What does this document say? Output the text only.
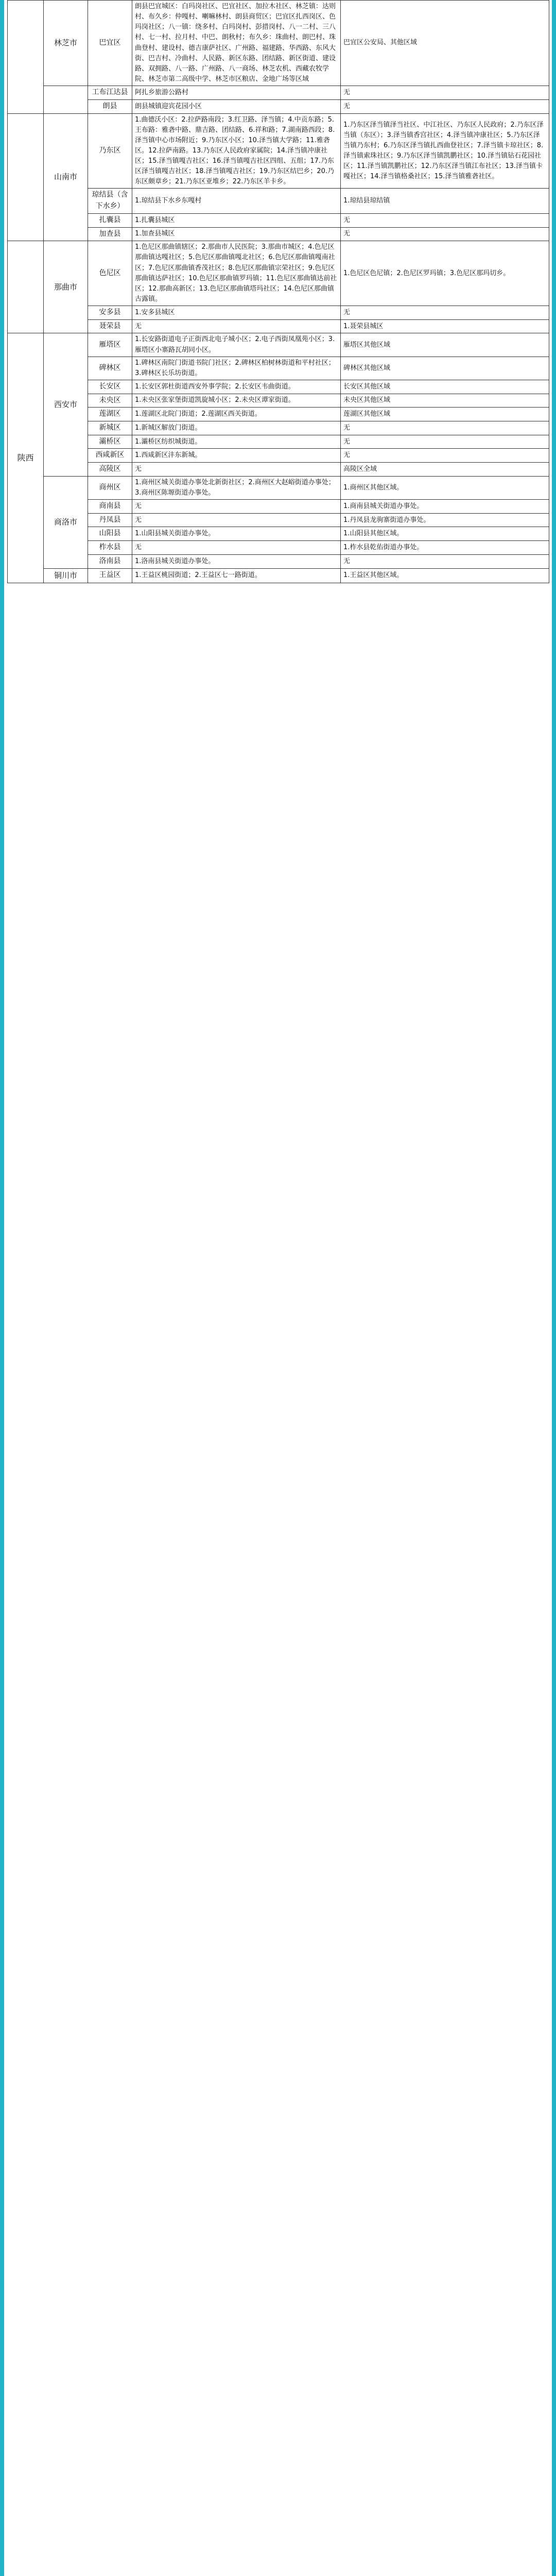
	林芝市	巴宜区	朗县巴宜城区：白玛岗社区、巴宜社区、加拉木社区、林芝镇：达则村、布久乡：仲嘎村、喇嘛林村、朗县商贸区；巴宜区扎西岗区、色玛岗社区；八一镇：绕多村、白玛岗村、彭措岗村、八一二村、三八村、七一村、拉月村、中巴、朗秋村；布久乡：珠曲村、朗巴村、珠曲登村、建设村、德吉康萨社区、广州路、福建路、华西路、东风大街、巴吉村、冷曲村、人民路、新区东路、团结路、新区街道、建设路、双拥路、八一路、广州路、八一商场、林芝农机、西藏农牧学院、林芝市第二高级中学、林芝市区粮店、金地广场等区域	巴宜区公安局、其他区域

		工布江达县	阿扎乡旅游公路村	无

		朗县	朗县城镇迎宾花园小区	无

	山南市	乃东区	1.曲德沃小区：2.拉萨路南段；3.红卫路、泽当镇；4.中贡东路；5.王布路：雅砻中路、鼎吉路、团结路、6.祥和路；7.湖南路西段；8.泽当镇中心市场附近；9.乃东区小区；10.泽当镇大学路；11.雅砻区。12.拉萨南路。13.乃东区人民政府家属院；14.泽当镇冲康社区；15.泽当镇嘎吉社区；16.泽当镇嘎吉社区四组、五组；17.乃东区泽当镇嘎吉社区；18.泽当镇嘎吉社区；19.乃东区结巴乡；20.乃东区颇章乡；21.乃东区亚堆乡；22.乃东区羊卡乡。	1.乃东区泽当镇泽当社区、中江社区、乃东区人民政府；2.乃东区泽当镇（东区）；3.泽当镇香宫社区；4.泽当镇冲康社区；5.乃东区泽当镇乃东村；6.乃东区泽当镇扎西曲登社区；7.泽当镇卡琼社区；8.泽当镇索珠社区；9.乃东区泽当镇凯鹏社区；10.泽当镇钻石花园社区；11.泽当镇凯鹏社区；12.乃东区泽当镇江布社区；13.泽当镇卡嘎社区；14.泽当镇格桑社区；15.泽当镇雅砻社区。

		琼结县（含下水乡）	1.琼结县下水乡东嘎村	1.琼结县琼结镇

		扎囊县	1.扎囊县城区	无

		加查县	1.加查县城区	无

	那曲市	色尼区	1.色尼区那曲镇辖区；2.那曲市人民医院；3.那曲市城区；4.色尼区那曲镇达嘎社区；5.色尼区那曲镇嘎北社区；6.色尼区那曲镇嘎南社区；7.色尼区那曲镇香茂社区；8.色尼区那曲镇宗荣社区；9.色尼区那曲镇达萨社区；10.色尼区那曲镇罗玛镇；11.色尼区那曲镇达前社区；12.那曲高新区；13.色尼区那曲镇塔玛社区；14.色尼区那曲镇古露镇。	1.色尼区色尼镇；2.色尼区罗玛镇；3.色尼区那玛切乡。

		安多县	1.安多县城区	无

		聂荣县	无	1.聂荣县城区

陕西	西安市	雁塔区	1.长安路街道电子正街西北电子城小区；2.电子西街凤凰苑小区；3.雁塔区小寨路瓦胡同小区。	雁塔区其他区域

		碑林区	1.碑林区南院门街道书院门社区；2.碑林区柏树林街道和平村社区；3.碑林区长乐坊街道。	碑林区其他区域

		长安区	1.长安区郭杜街道西安外事学院；2.长安区韦曲街道。	长安区其他区域

		未央区	1.未央区张家堡街道凯旋城小区；2.未央区谭家街道。	未央区其他区域

		莲湖区	1.莲湖区北院门街道；2.莲湖区西关街道。	莲湖区其他区域

		新城区	1.新城区解放门街道。	无

		灞桥区	1.灞桥区纺织城街道。	无

		西咸新区	1.西咸新区沣东新城。	无

		高陵区	无	高陵区全域

	商洛市	商州区	1.商州区城关街道办事处北新街社区；2.商州区大赵峪街道办事处；3.商州区陈塬街道办事处。	1.商州区其他区域。

		商南县	无	1.商南县城关街道办事处。

		丹凤县	无	1.丹凤县龙驹寨街道办事处。

		山阳县	1.山阳县城关街道办事处。	1.山阳县其他区域。

		柞水县	无	1.柞水县乾佑街道办事处。

		洛南县	1.洛南县城关街道办事处。	无

	铜川市	王益区	1.王益区桃园街道；2.王益区七一路街道。	1.王益区其他区域。
